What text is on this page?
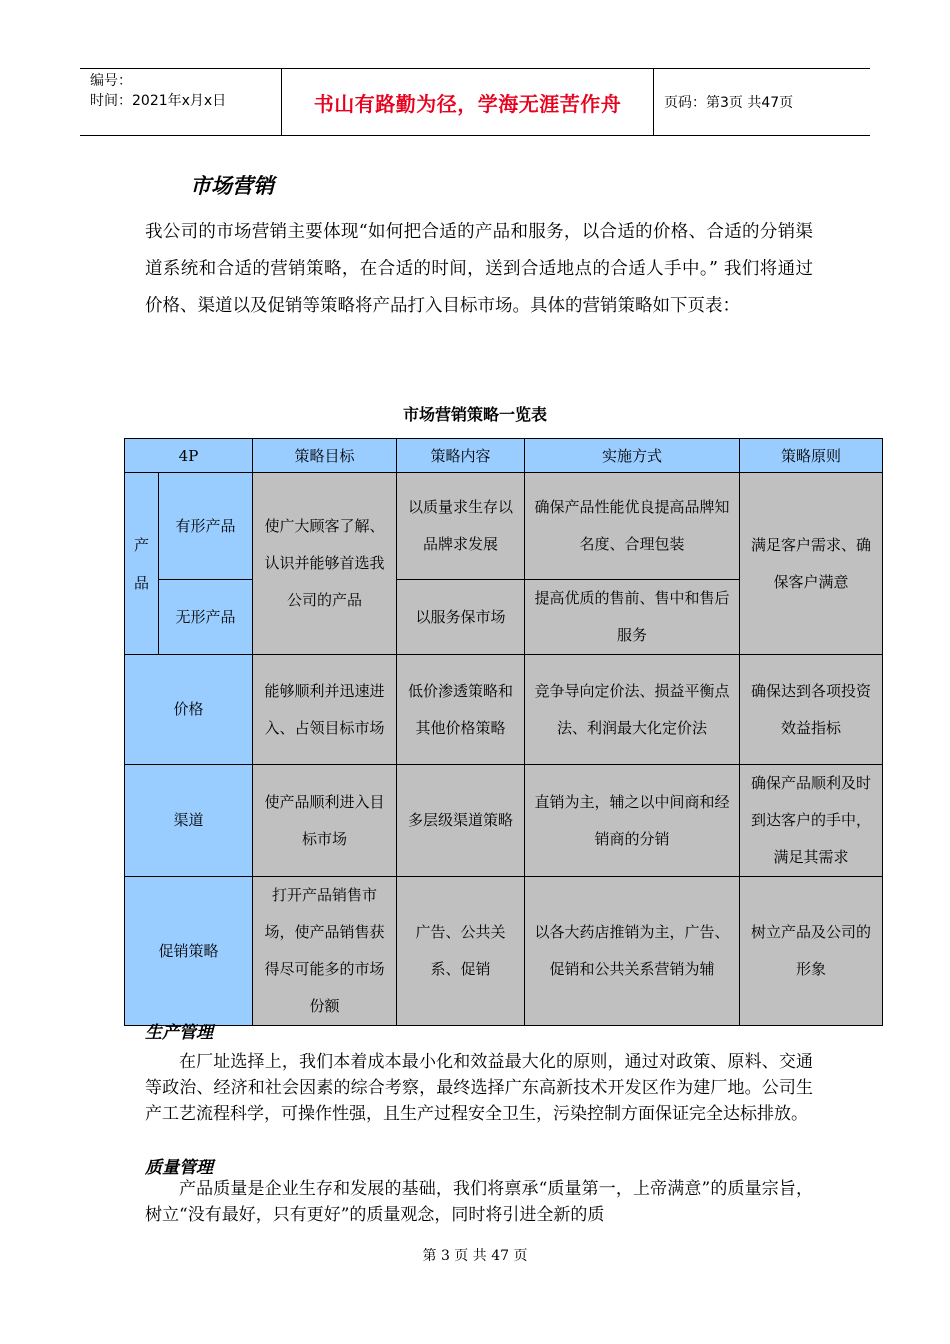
编号：
时间：2021年x月x日	书山有路勤为径，学海无涯苦作舟	页码：第3页 共47页
市场营销
我公司的市场营销主要体现“如何把合适的产品和服务，以合适的价格、合适的分销渠道系统和合适的营销策略，在合适的时间，送到合适地点的合适人手中。” 我们将通过价格、渠道以及促销等策略将产品打入目标市场。具体的营销策略如下页表：
市场营销策略一览表
4P		策略目标	策略内容	实施方式	策略原则

产
品	有形产品	使广大顾客了解、认识并能够首选我公司的产品	以质量求生存以品牌求发展	确保产品性能优良提高品牌知名度、合理包装	满足客户需求、确保客户满意
	无形产品		以服务保市场	提高优质的售前、售中和售后服务	
价格		能够顺利并迅速进入、占领目标市场	低价渗透策略和其他价格策略	竞争导向定价法、损益平衡点法、利润最大化定价法	确保达到各项投资效益指标
渠道		使产品顺利进入目标市场	多层级渠道策略	直销为主，辅之以中间商和经销商的分销	确保产品顺利及时到达客户的手中，满足其需求
促销策略		打开产品销售市场，使产品销售获得尽可能多的市场份额	广告、公共关系、促销	以各大药店推销为主，广告、促销和公共关系营销为辅	树立产品及公司的形象
生产管理
在厂址选择上，我们本着成本最小化和效益最大化的原则，通过对政策、原料、交通等政治、经济和社会因素的综合考察，最终选择广东高新技术开发区作为建厂地。公司生产工艺流程科学，可操作性强，且生产过程安全卫生，污染控制方面保证完全达标排放。
质量管理
产品质量是企业生存和发展的基础，我们将禀承“质量第一，上帝满意”的质量宗旨，树立“没有最好，只有更好”的质量观念，同时将引进全新的质
第 3 页 共 47 页
